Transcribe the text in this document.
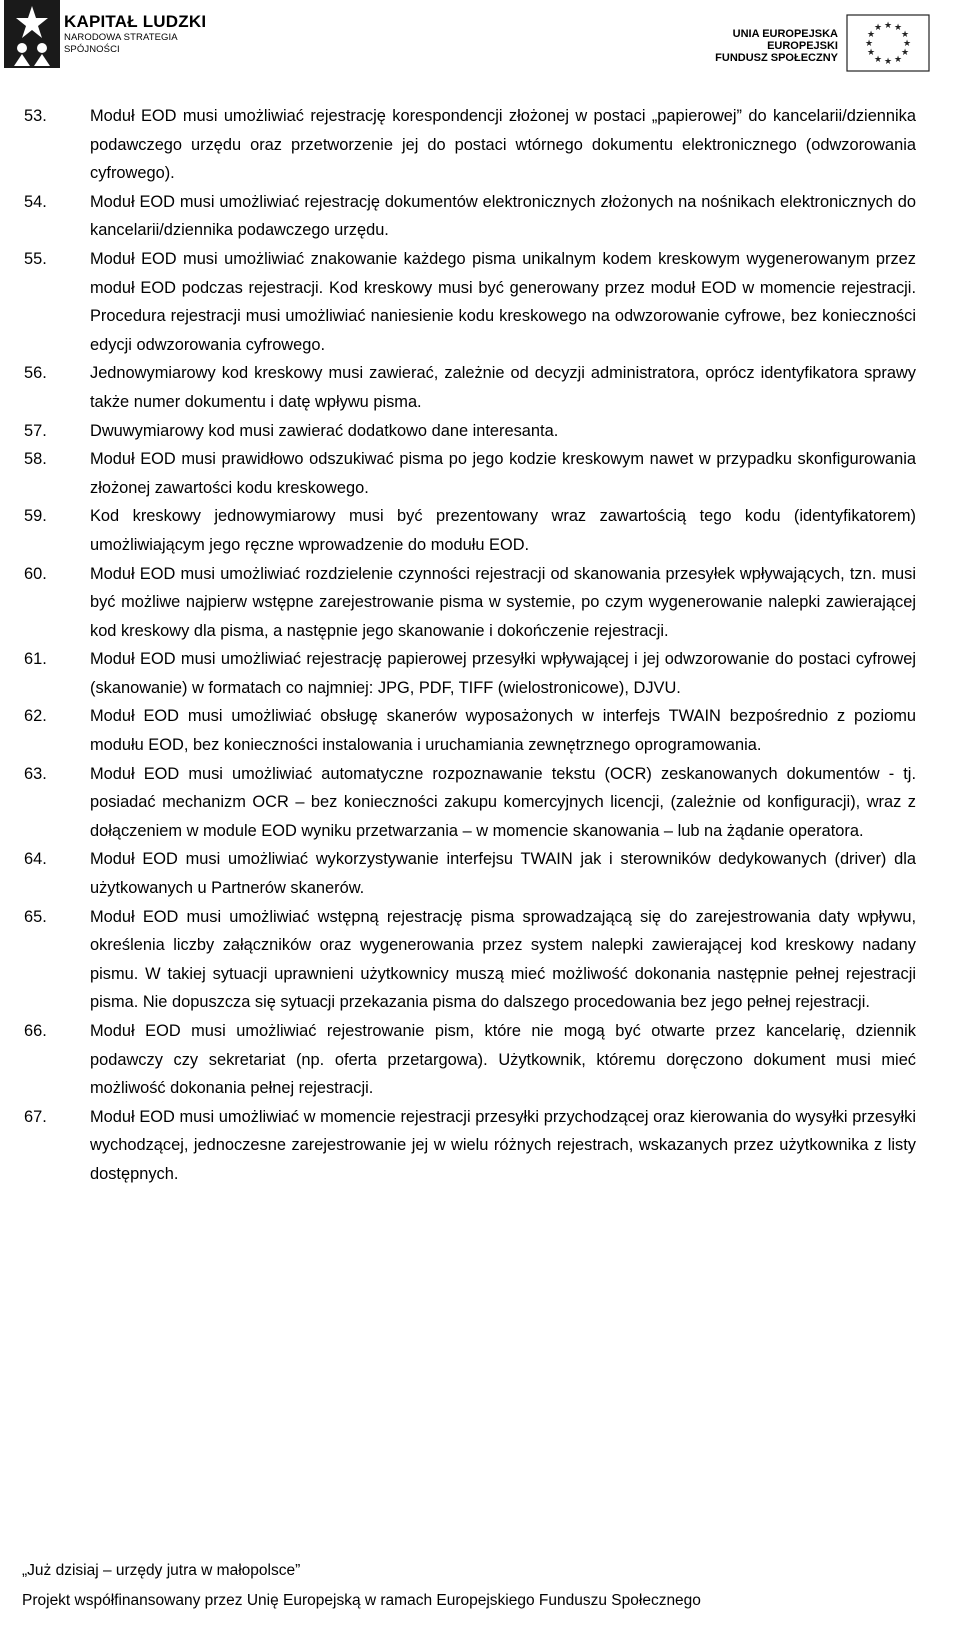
KAPITAŁ LUDZKI
NARODOWA STRATEGIA SPÓJNOŚCI
UNIA EUROPEJSKA
EUROPEJSKI
FUNDUSZ SPOŁECZNY
★ ★
★
★
★
★
★
★
★
★
★
★
53.	Moduł EOD musi umożliwiać rejestrację korespondencji złożonej w postaci „papierowej” do kancelarii/dziennika podawczego urzędu oraz przetworzenie jej do postaci wtórnego dokumentu elektronicznego (odwzorowania cyfrowego).
54.	Moduł EOD musi umożliwiać rejestrację dokumentów elektronicznych złożonych na nośnikach elektronicznych do kancelarii/dziennika podawczego urzędu.
55.	Moduł EOD musi umożliwiać znakowanie każdego pisma unikalnym kodem kreskowym wygenerowanym przez moduł EOD podczas rejestracji. Kod kreskowy musi być generowany przez moduł EOD w momencie rejestracji. Procedura rejestracji musi umożliwiać naniesienie kodu kreskowego na odwzorowanie cyfrowe, bez konieczności edycji odwzorowania cyfrowego.
56.	Jednowymiarowy kod kreskowy musi zawierać, zależnie od decyzji administratora, oprócz identyfikatora sprawy także numer dokumentu i datę wpływu pisma.
57.	Dwuwymiarowy kod musi zawierać dodatkowo dane interesanta.
58.	Moduł EOD musi prawidłowo odszukiwać pisma po jego kodzie kreskowym nawet w przypadku skonfigurowania złożonej zawartości kodu kreskowego.
59.	Kod kreskowy jednowymiarowy musi być prezentowany wraz zawartością tego kodu (identyfikatorem) umożliwiającym jego ręczne wprowadzenie do modułu EOD.
60.	Moduł EOD musi umożliwiać rozdzielenie czynności rejestracji od skanowania przesyłek wpływających, tzn. musi być możliwe najpierw wstępne zarejestrowanie pisma w systemie, po czym wygenerowanie nalepki zawierającej kod kreskowy dla pisma, a następnie jego skanowanie i dokończenie rejestracji.
61.	Moduł EOD musi umożliwiać rejestrację papierowej przesyłki wpływającej i jej odwzorowanie do postaci cyfrowej (skanowanie) w formatach co najmniej: JPG, PDF, TIFF (wielostronicowe), DJVU.
62.	Moduł EOD musi umożliwiać obsługę skanerów wyposażonych w interfejs TWAIN bezpośrednio z poziomu modułu EOD, bez konieczności instalowania i uruchamiania zewnętrznego oprogramowania.
63.	Moduł EOD musi umożliwiać automatyczne rozpoznawanie tekstu (OCR) zeskanowanych dokumentów - tj. posiadać mechanizm OCR – bez konieczności zakupu komercyjnych licencji, (zależnie od konfiguracji), wraz z dołączeniem w module EOD wyniku przetwarzania – w momencie skanowania – lub na żądanie operatora.
64.	Moduł EOD musi umożliwiać wykorzystywanie interfejsu TWAIN jak i sterowników dedykowanych (driver) dla użytkowanych u Partnerów skanerów.
65.	Moduł EOD musi umożliwiać wstępną rejestrację pisma sprowadzającą się do zarejestrowania daty wpływu, określenia liczby załączników oraz wygenerowania przez system nalepki zawierającej kod kreskowy nadany pismu. W takiej sytuacji uprawnieni użytkownicy muszą mieć możliwość dokonania następnie pełnej rejestracji pisma. Nie dopuszcza się sytuacji przekazania pisma do dalszego procedowania bez jego pełnej rejestracji.
66.	Moduł EOD musi umożliwiać rejestrowanie pism, które nie mogą być otwarte przez kancelarię, dziennik podawczy czy sekretariat (np. oferta przetargowa). Użytkownik, któremu doręczono dokument musi mieć możliwość dokonania pełnej rejestracji.
67.	Moduł EOD musi umożliwiać w momencie rejestracji przesyłki przychodzącej oraz kierowania do wysyłki przesyłki wychodzącej, jednoczesne zarejestrowanie jej w wielu różnych rejestrach, wskazanych przez użytkownika z listy dostępnych.
„Już dzisiaj – urzędy jutra w małopolsce”
Projekt współfinansowany przez Unię Europejską w ramach Europejskiego Funduszu Społecznego
